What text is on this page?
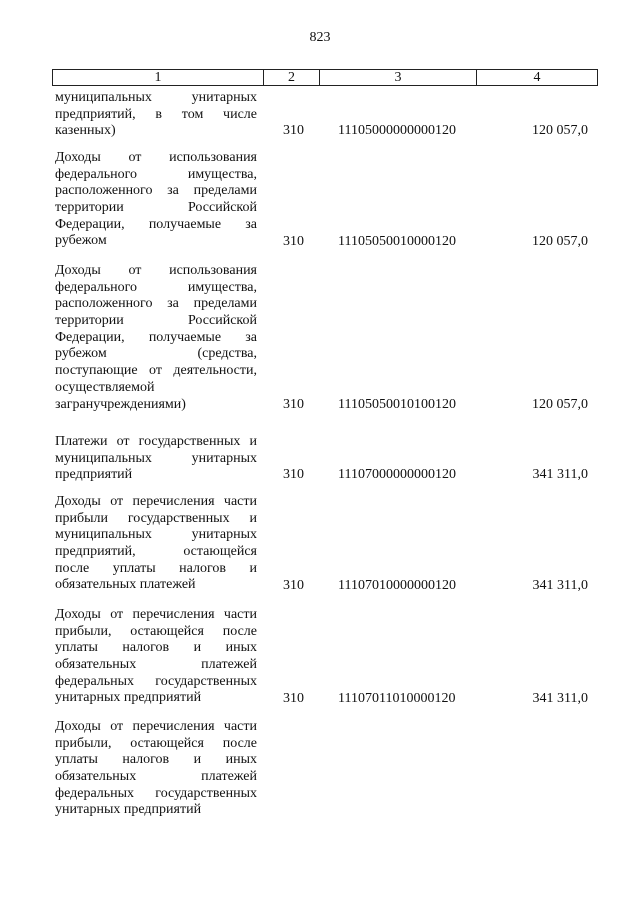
823
1	2	3	4
муниципальных унитарных
предприятий, в том числе
казенных)	310	11105000000000120	120 057,0
Доходы от использования
федерального имущества,
расположенного за пределами
территории Российской
Федерации, получаемые за
рубежом	310	11105050010000120	120 057,0
Доходы от использования
федерального имущества,
расположенного за пределами
территории Российской
Федерации, получаемые за
рубежом (средства,
поступающие от деятельности,
осуществляемой
загранучреждениями)	310	11105050010100120	120 057,0
Платежи от государственных и
муниципальных унитарных
предприятий	310	11107000000000120	341 311,0
Доходы от перечисления части
прибыли государственных и
муниципальных унитарных
предприятий, остающейся
после уплаты налогов и
обязательных платежей	310	11107010000000120	341 311,0
Доходы от перечисления части
прибыли, остающейся после
уплаты налогов и иных
обязательных платежей
федеральных государственных
унитарных предприятий	310	11107011010000120	341 311,0
Доходы от перечисления части
прибыли, остающейся после
уплаты налогов и иных
обязательных платежей
федеральных государственных
унитарных предприятий
